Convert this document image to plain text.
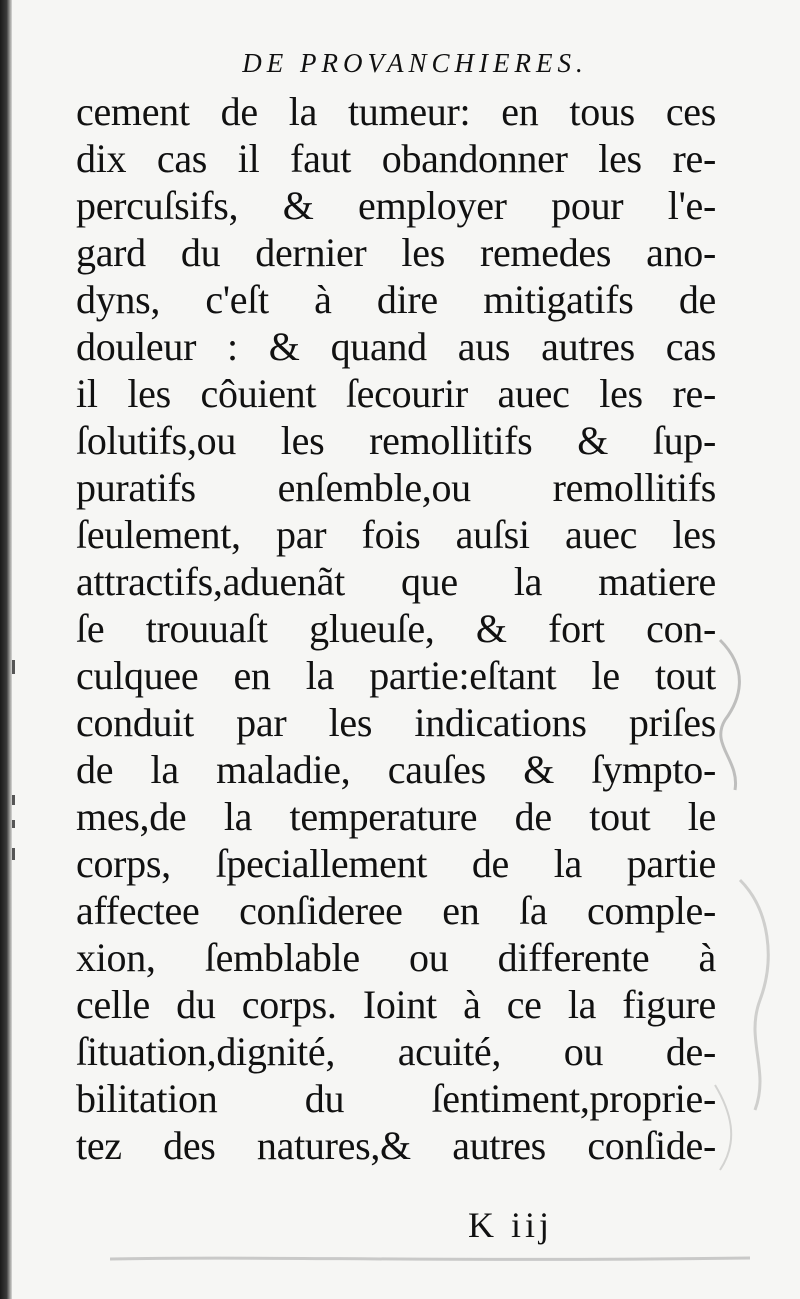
DE PROVANCHIERES.
cement de la tumeur: en tous ces
dix cas il faut obandonner les re-
percuſsifs, & employer pour l'e-
gard du dernier les remedes ano-
dyns, c'eſt à dire mitigatifs de
douleur : & quand aus autres cas
il les côuient ſecourir auec les re-
ſolutifs,ou les remollitifs & ſup-
puratifs enſemble,ou remollitifs
ſeulement, par fois auſsi auec les
attractifs,aduenãt que la matiere
ſe trouuaſt glueuſe, & fort con-
culquee en la partie:eſtant le tout
conduit par les indications priſes
de la maladie, cauſes & ſympto-
mes,de la temperature de tout le
corps, ſpeciallement de la partie
affectee conſideree en ſa comple-
xion, ſemblable ou differente à
celle du corps. Ioint à ce la figure
ſituation,dignité, acuité, ou de-
bilitation du ſentiment,proprie-
tez des natures,& autres conſide-
K iij
